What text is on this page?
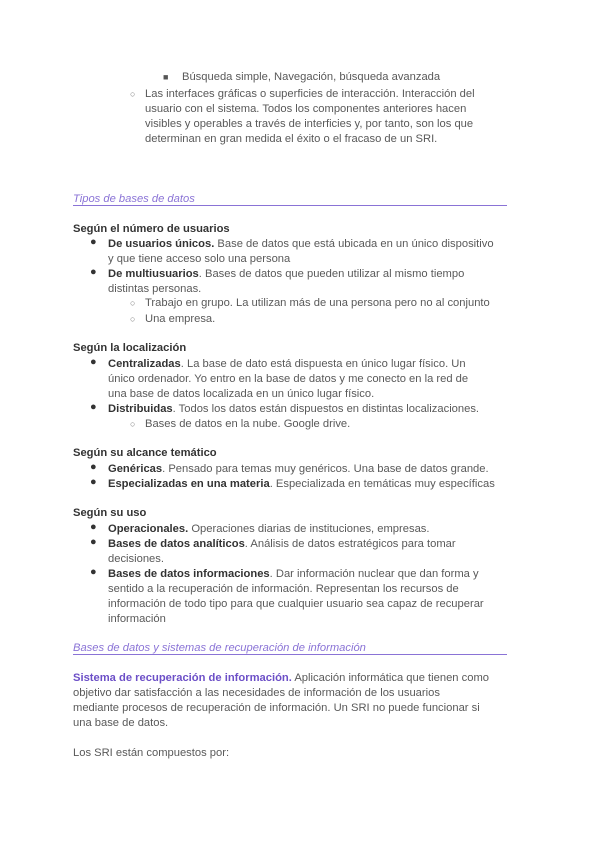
■ Búsqueda simple, Navegación, búsqueda avanzada
○ Las interfaces gráficas o superficies de interacción. Interacción del
usuario con el sistema. Todos los componentes anteriores hacen
visibles y operables a través de interficies y, por tanto, son los que
determinan en gran medida el éxito o el fracaso de un SRI.
Tipos de bases de datos
Según el número de usuarios
● De usuarios únicos. Base de datos que está ubicada en un único dispositivo
y que tiene acceso solo una persona
● De multiusuarios. Bases de datos que pueden utilizar al mismo tiempo
distintas personas.
○ Trabajo en grupo. La utilizan más de una persona pero no al conjunto
○ Una empresa.
Según la localización
● Centralizadas. La base de dato está dispuesta en único lugar físico. Un
único ordenador. Yo entro en la base de datos y me conecto en la red de
una base de datos localizada en un único lugar físico.
● Distribuidas. Todos los datos están dispuestos en distintas localizaciones.
○ Bases de datos en la nube. Google drive.
Según su alcance temático
● Genéricas. Pensado para temas muy genéricos. Una base de datos grande.
● Especializadas en una materia. Especializada en temáticas muy específicas
Según su uso
● Operacionales. Operaciones diarias de instituciones, empresas.
● Bases de datos analíticos. Análisis de datos estratégicos para tomar
decisiones.
● Bases de datos informaciones. Dar información nuclear que dan forma y
sentido a la recuperación de información. Representan los recursos de
información de todo tipo para que cualquier usuario sea capaz de recuperar
información
Bases de datos y sistemas de recuperación de información
Sistema de recuperación de información. Aplicación informática que tienen como
objetivo dar satisfacción a las necesidades de información de los usuarios
mediante procesos de recuperación de información. Un SRI no puede funcionar si
una base de datos.
Los SRI están compuestos por:
